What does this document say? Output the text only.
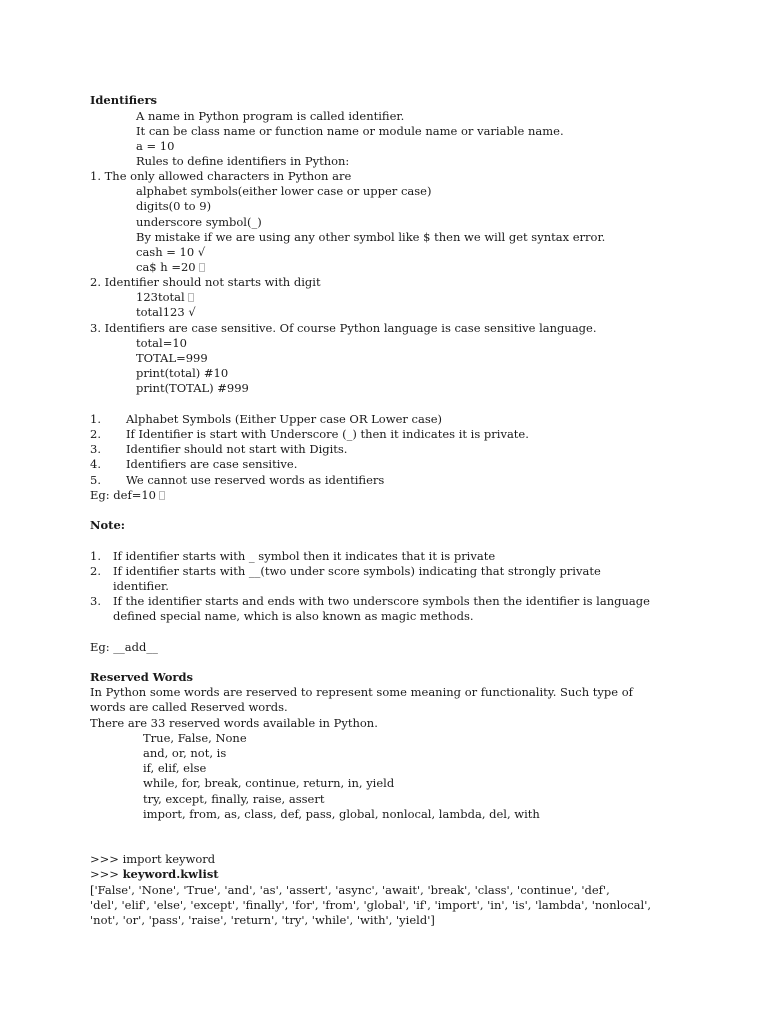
Identifiers
A name in Python program is called identifier.
It can be class name or function name or module name or variable name.
a = 10
Rules to define identifiers in Python:
1. The only allowed characters in Python are
alphabet symbols(either lower case or upper case)
digits(0 to 9)
underscore symbol(_)
By mistake if we are using any other symbol like $ then we will get syntax error.
cash = 10 √
ca$ h =20
2. Identifier should not starts with digit
123total
total123 √
3. Identifiers are case sensitive. Of course Python language is case sensitive language.
total=10
TOTAL=999
print(total) #10
print(TOTAL) #999
1. Alphabet Symbols (Either Upper case OR Lower case)
2. If Identifier is start with Underscore (_) then it indicates it is private.
3. Identifier should not start with Digits.
4. Identifiers are case sensitive.
5. We cannot use reserved words as identifiers
Eg: def=10
Note:
1. If identifier starts with _ symbol then it indicates that it is private
2. If identifier starts with __(two under score symbols) indicating that strongly private
identifier.
3. If the identifier starts and ends with two underscore symbols then the identifier is language
defined special name, which is also known as magic methods.
Eg: __add__
Reserved Words
In Python some words are reserved to represent some meaning or functionality. Such type of
words are called Reserved words.
There are 33 reserved words available in Python.
True, False, None
and, or, not, is
if, elif, else
while, for, break, continue, return, in, yield
try, except, finally, raise, assert
import, from, as, class, def, pass, global, nonlocal, lambda, del, with
>>> import keyword
>>> keyword.kwlist
['False', 'None', 'True', 'and', 'as', 'assert', 'async', 'await', 'break', 'class', 'continue', 'def',
'del', 'elif', 'else', 'except', 'finally', 'for', 'from', 'global', 'if', 'import', 'in', 'is', 'lambda', 'nonlocal',
'not', 'or', 'pass', 'raise', 'return', 'try', 'while', 'with', 'yield']
